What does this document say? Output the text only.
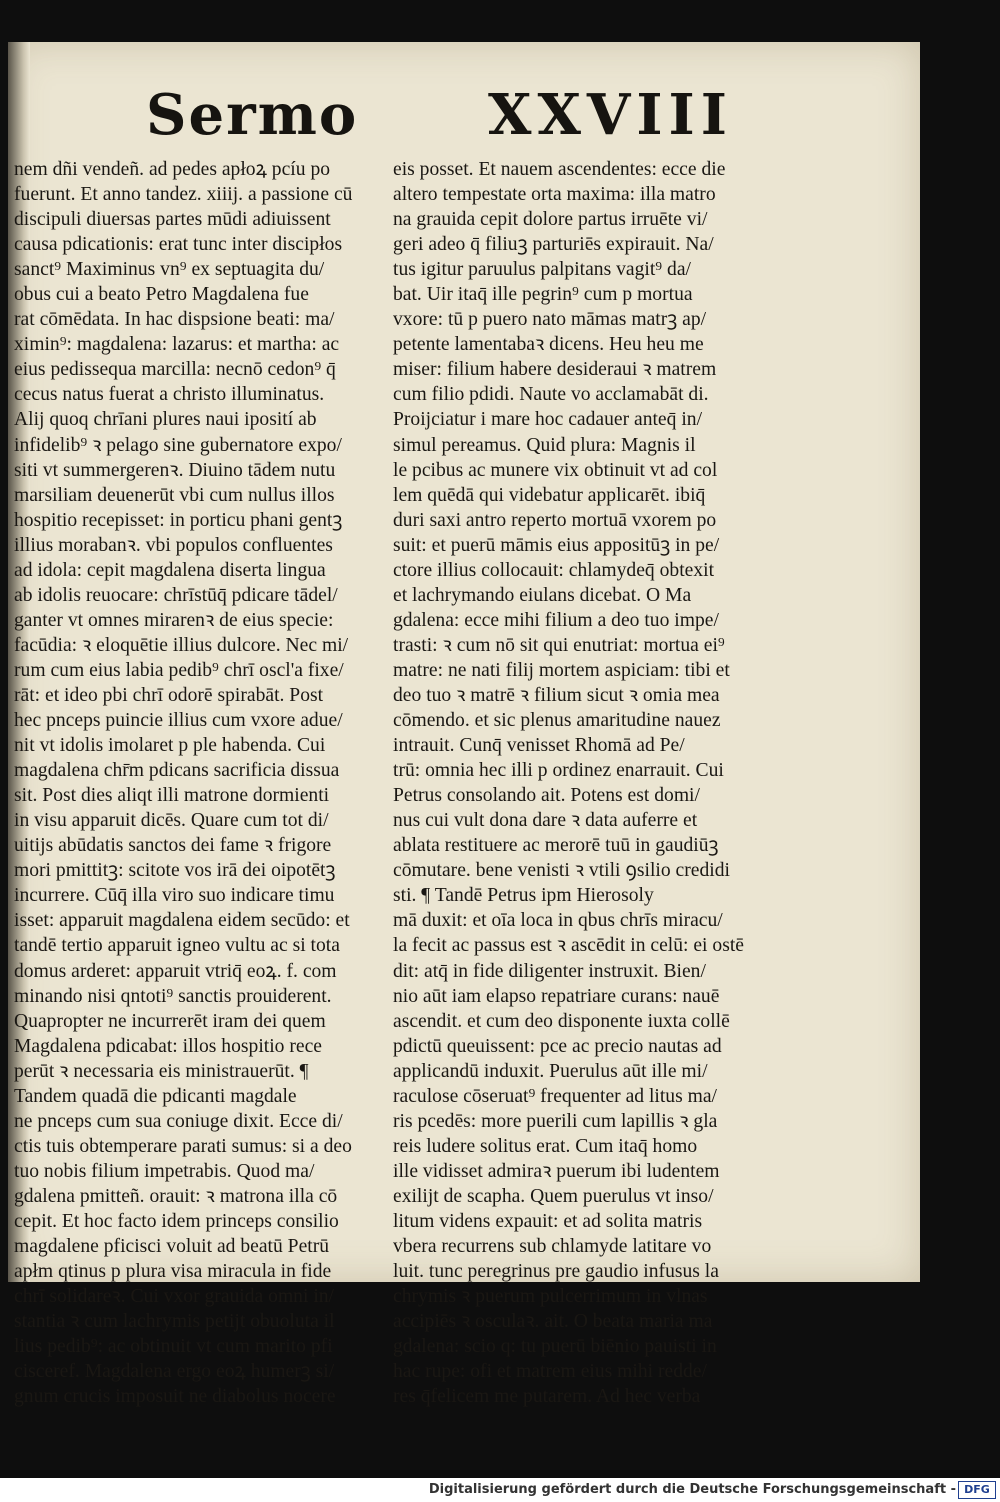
Sermo XXVIII
nem dñi vendeñ. ad pedes apłoꝝ pcíu po
fuerunt. Et anno tandez. xiiij. a passione cū
discipuli diuersas partes mūdi adiuissent
causa pdicationis: erat tunc inter discipłos
sanct⁹ Maximinus vn⁹ ex septuagita du/
obus cui a beato Petro Magdalena fue
rat cōmēdata. In hac dispsione beati: ma/
ximin⁹: magdalena: lazarus: et martha: ac
eius pedissequa marcilla: necnō cedon⁹ q̄
cecus natus fuerat a christo illuminatus.
Alij quoq chrīani plures naui iposití ab
infidelib⁹ ꝛ pelago sine gubernatore expo/
siti vt summergerenꝛ. Diuino tādem nutu
marsiliam deuenerūt vbi cum nullus illos
hospitio recepisset: in porticu phani gentꝫ
illius morabanꝛ. vbi populos confluentes
ad idola: cepit magdalena diserta lingua
ab idolis reuocare: chrīstūq̄ pdicare tādel/
ganter vt omnes mirarenꝛ de eius specie:
facūdia: ꝛ eloquētie illius dulcore. Nec mi/
rum cum eius labia pedib⁹ chrī oscl'a fixe/
rāt: et ideo pbi chrī odorē spirabāt. Post
hec pnceps puincie illius cum vxore adue/
nit vt idolis imolaret p ple habenda. Cui
magdalena chr̄m pdicans sacrificia dissua
sit. Post dies aliqt illi matrone dormienti
in visu apparuit dicēs. Quare cum tot di/
uitijs abūdatis sanctos dei fame ꝛ frigore
mori pmittitꝫ: scitote vos irā dei oipotētꝫ
incurrere. Cūq̄ illa viro suo indicare timu
isset: apparuit magdalena eidem secūdo: et
tandē tertio apparuit igneo vultu ac si tota
domus arderet: apparuit vtriq̄ eoꝝ. f. com
minando nisi qntoti⁹ sanctis prouiderent.
Quapropter ne incurrerēt iram dei quem
Magdalena pdicabat: illos hospitio rece
perūt ꝛ necessaria eis ministrauerūt. ¶
Tandem quadā die pdicanti magdale
ne pnceps cum sua coniuge dixit. Ecce di/
ctis tuis obtemperare parati sumus: si a deo
tuo nobis filium impetrabis. Quod ma/
gdalena pmitteñ. orauit: ꝛ matrona illa cō
cepit. Et hoc facto idem princeps consilio
magdalene pficisci voluit ad beatū Petrū
apłm qtinus p plura visa miracula in fide
chrī solidareꝛ. Cui vxor grauida omni in/
stantia ꝛ cum lachrymis petijt obuoluta il
lius pedib⁹: ac obtinuit vt cum marito pfi
cisceref. Magdalena ergo eoꝝ humerꝫ si/
gnum crucis imposuit ne diabolus nocere
eis posset. Et nauem ascendentes: ecce die
altero tempestate orta maxima: illa matro
na grauida cepit dolore partus irruēte vi/
geri adeo q̄ filiuꝫ parturiēs expirauit. Na/
tus igitur paruulus palpitans vagit⁹ da/
bat. Uir itaq̄ ille pegrin⁹ cum p mortua
vxore: tū p puero nato māmas matrꝫ ap/
petente lamentabaꝛ dicens. Heu heu me
miser: filium habere desideraui ꝛ matrem
cum filio pdidi. Naute vo acclamabāt di.
Proijciatur i mare hoc cadauer anteq̄ in/
simul pereamus. Quid plura: Magnis il
le pcibus ac munere vix obtinuit vt ad col
lem quēdā qui videbatur applicarēt. ibiq̄
duri saxi antro reperto mortuā vxorem po
suit: et puerū māmis eius appositūꝫ in pe/
ctore illius collocauit: chlamydeq̄ obtexit
et lachrymando eiulans dicebat. O Ma
gdalena: ecce mihi filium a deo tuo impe/
trasti: ꝛ cum nō sit qui enutriat: mortua ei⁹
matre: ne nati filij mortem aspiciam: tibi et
deo tuo ꝛ matrē ꝛ filium sicut ꝛ omia mea
cōmendo. et sic plenus amaritudine nauez
intrauit. Cunq̄ venisset Rhomā ad Pe/
trū: omnia hec illi p ordinez enarrauit. Cui
Petrus consolando ait. Potens est domi/
nus cui vult dona dare ꝛ data auferre et
ablata restituere ac merorē tuū in gaudiūꝫ
cōmutare. bene venisti ꝛ vtili ꝯsilio credidi
sti. ¶ Tandē Petrus ipm Hierosoly
mā duxit: et oīa loca in qbus chrīs miracu/
la fecit ac passus est ꝛ ascēdit in celū: ei ostē
dit: atq̄ in fide diligenter instruxit. Bien/
nio aūt iam elapso repatriare curans: nauē
ascendit. et cum deo disponente iuxta collē
pdictū queuissent: pce ac precio nautas ad
applicandū induxit. Puerulus aūt ille mi/
raculose cōseruat⁹ frequenter ad litus ma/
ris pcedēs: more puerili cum lapillis ꝛ gla
reis ludere solitus erat. Cum itaq̄ homo
ille vidisset admiraꝛ puerum ibi ludentem
exilijt de scapha. Quem puerulus vt inso/
litum videns expauit: et ad solita matris
vbera recurrens sub chlamyde latitare vo
luit. tunc peregrinus pre gaudio infusus la
chrymis ꝛ puerum pulcerrimum in vlnas
accipiēs ꝛ osculaꝛ. ait. O beata maria ma
gdalena: scio q: tu puerū biēnio pauisti in
hac rupe: ofi et matrem eius mihi redde/
res q̄felicem me putarem. Ad hec verba
Digitalisierung gefördert durch die Deutsche Forschungsgemeinschaft - DFG
